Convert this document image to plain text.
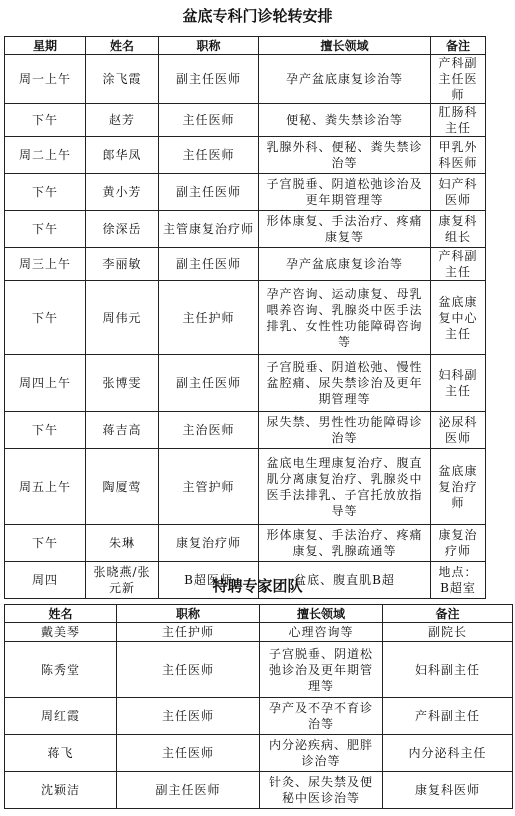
盆底专科门诊轮转安排
星期	姓名	职称	擅长领域	备注
周一上午	涂飞霞	副主任医师	孕产盆底康复诊治等	产科副主任医师
下午	赵芳	主任医师	便秘、粪失禁诊治等	肛肠科主任
周二上午	郎华凤	主任医师	乳腺外科、便秘、粪失禁诊治等	甲乳外科医师
下午	黄小芳	副主任医师	子宫脱垂、阴道松弛诊治及更年期管理等	妇产科医师
下午	徐深岳	主管康复治疗师	形体康复、手法治疗、疼痛康复等	康复科组长
周三上午	李丽敏	副主任医师	孕产盆底康复诊治等	产科副主任
下午	周伟元	主任护师	孕产咨询、运动康复、母乳喂养咨询、乳腺炎中医手法排乳、女性性功能障碍咨询等	盆底康复中心主任
周四上午	张博雯	副主任医师	子宫脱垂、阴道松弛、慢性盆腔痛、尿失禁诊治及更年期管理等	妇科副主任
下午	蒋吉高	主治医师	尿失禁、男性性功能障碍诊治等	泌尿科医师
周五上午	陶厦莺	主管护师	盆底电生理康复治疗、腹直肌分离康复治疗、乳腺炎中医手法排乳、子宫托放放指导等	盆底康复治疗师
下午	朱琳	康复治疗师	形体康复、手法治疗、疼痛康复、乳腺疏通等	康复治疗师
周四	张晓燕/张元新	B超医师	盆底、腹直肌B超	地点：B超室
特聘专家团队
姓名	职称	擅长领域	备注
戴美琴	主任护师	心理咨询等	副院长
陈秀堂	主任医师	子宫脱垂、阴道松弛诊治及更年期管理等	妇科副主任
周红霞	主任医师	孕产及不孕不育诊治等	产科副主任
蒋飞	主任医师	内分泌疾病、肥胖诊治等	内分泌科主任
沈颖洁	副主任医师	针灸、尿失禁及便秘中医诊治等	康复科医师
